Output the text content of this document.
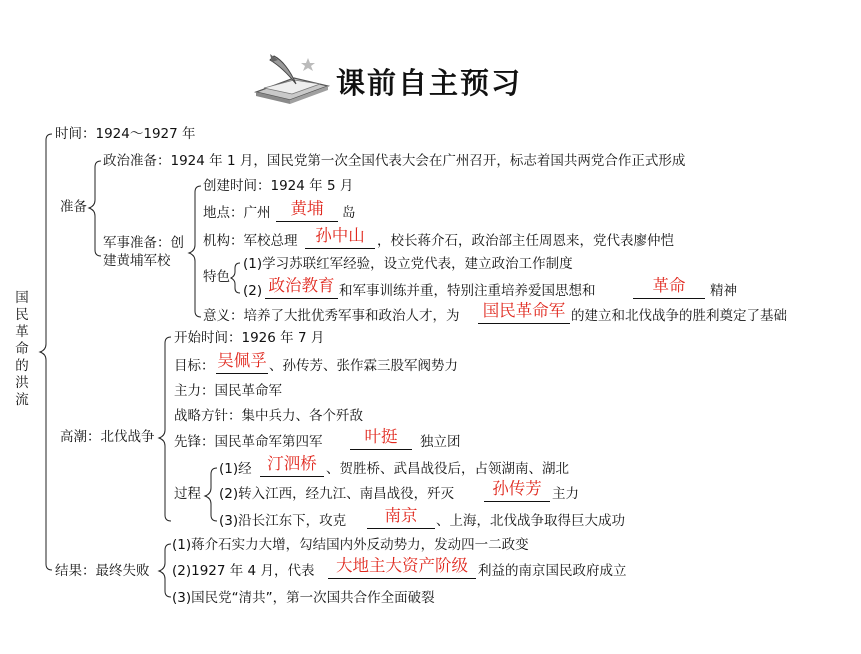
课前自主预习
国民革命的洪流
时间：1924～1927 年
准备
政治准备：1924 年 1 月，国民党第一次全国代表大会在广州召开，标志着国共两党合作正式形成
军事准备：创
建黄埔军校
创建时间：1924 年 5 月
地点：广州	黄埔	岛
机构：军校总理	孙中山 ，校长蒋介石，政治部主任周恩来，党代表廖仲恺
特色
(1)学习苏联红军经验，设立党代表，建立政治工作制度
(2) 政治教育 和军事训练并重，特别注重培养爱国思想和	革命	精神
意义：培养了大批优秀军事和政治人才，为 国民革命军 的建立和北伐战争的胜利奠定了基础
高潮：北伐战争
开始时间：1926 年 7 月
目标： 吴佩孚 、孙传芳、张作霖三股军阀势力
主力：国民革命军
战略方针：集中兵力、各个歼敌
先锋：国民革命军第四军	叶挺	独立团
过程
(1)经 汀泗桥 、贺胜桥、武昌战役后，占领湖南、湖北
(2)转入江西，经九江、南昌战役，歼灭	孙传芳 主力
(3)沿长江东下，攻克	南京	、上海，北伐战争取得巨大成功
结果：最终失败
(1)蒋介石实力大增，勾结国内外反动势力，发动四一二政变
(2)1927 年 4 月，代表	大地主大资产阶级 利益的南京国民政府成立
(3)国民党“清共”，第一次国共合作全面破裂
